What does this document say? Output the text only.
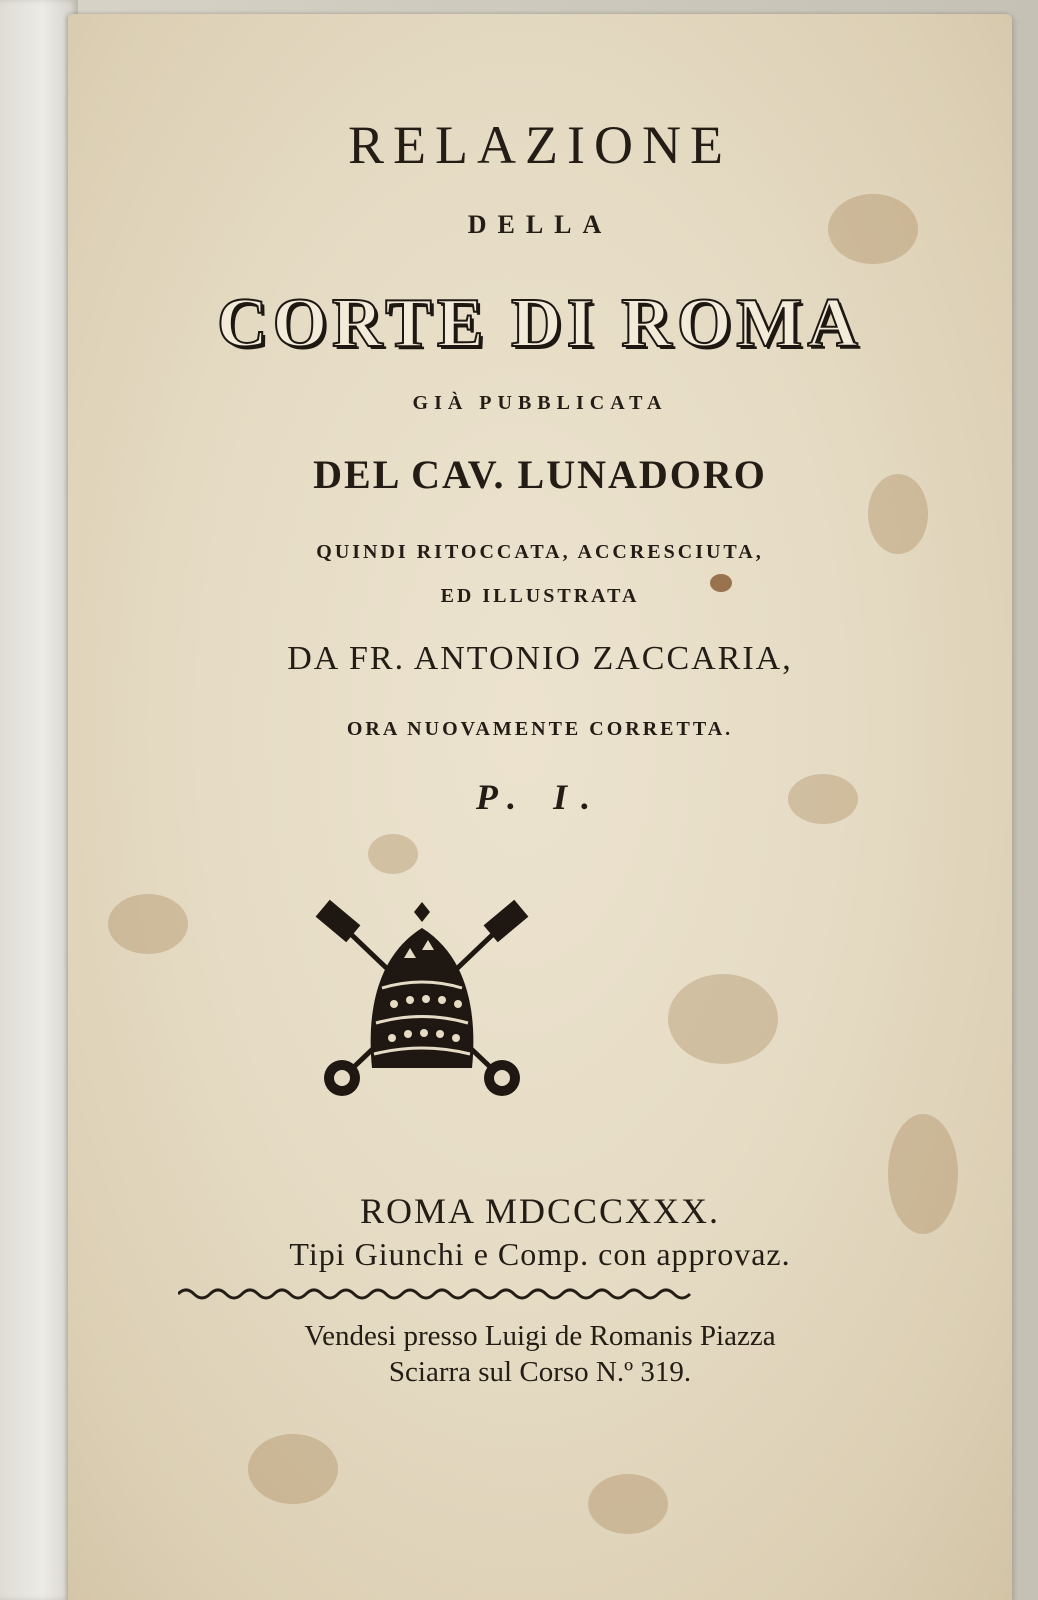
RELAZIONE
DELLA
CORTE DI ROMA
GIÀ PUBBLICATA
DEL CAV. LUNADORO
QUINDI RITOCCATA, ACCRESCIUTA,
ED ILLUSTRATA
DA FR. ANTONIO ZACCARIA,
ORA NUOVAMENTE CORRETTA.
P. I.
ROMA MDCCCXXX.
Tipi Giunchi e Comp. con approvaz.
Vendesi presso Luigi de Romanis Piazza
Sciarra sul Corso N.º 319.
